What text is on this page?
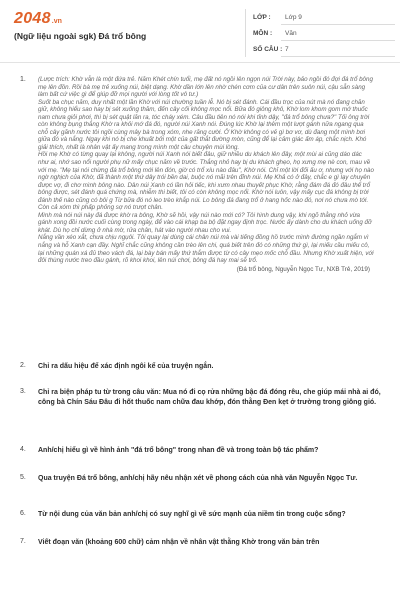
2048 .vn
(Ngữ liệu ngoài sgk) Đá trổ bông
LỚP : Lớp 9
MÔN : Văn
SỐ CÂU : 7
1. (Lược trích: Khờ vẫn là một đứa trẻ. Năm Khét chín tuổi, mẹ đất nó ngồi lên ngọn núi Trời này, bảo ngồi đó đợi đá trổ bông mẹ lên đồn. Rồi bà mẹ trẻ xuống núi, biệt dạng. Khờ dần lớn lên nhờ chén cơm của cư dân trên suôn núi, cậu sẵn sàng làm bất cứ việc gì để giúp đỡ mọi người với lòng tốt vô tư.)

Suốt ba chục năm, duy nhất một lần Khờ với núi chường tuần lễ. Nó bị sét đánh. Cái đầu trọc của nút mà nó đang chăn giữ, không hiểu sao hay bị sét xuống thăm, đến cây cối không mọc nổi. Bữa đó giông khô, Khờ lom khom gom mớ thuốc nam chưa giỏi phơi, thì bị sét quật lăn ra, tóc cháy xém. Câu đầu tiên nó nói khi tỉnh dậy, "đá trổ bông chưa?" Tối ông trời còn không bụng thắng Khờ ra khỏi mớ đá đó, người núi Xanh nói. Đúng lúc Khờ lại thêm một lượt gánh nữa ngang qua chỗ cây gãnh nước tôi ngồi cùng mây bà trong xóm, nhe răng cười. Ở Khờ không có vẻ gì bơ vơ, dù đang một mình bơi giữa đó và nắng. Ngay khi nó bị che khuất bởi một của gất thắt đường mòn, cũng để lại cảm giác ấm áp, chắc nịch. Khó giải thích, nhất là nhân vật ấy mang trong mình một câu chuyện mùi lòng.

Hồi mẹ Khờ có từng quay lại không, người núi Xanh nói biết đâu, giữ nhiều du khách lên đây, một mùi ai cũng dáo dác như ai, nhớ sao nổi người phụ nữ mấy chục năm về trước. Thắng nhỏ hay bị du khách ghẹo, họ xưng mẹ nè con, mau về với mẹ. "Mẹ tại nói chừng đá trổ bông mới lên đón, giờ có trổ xíu nào đâu", Khờ nói. Chỉ một lời đối ấu ơ, nhưng với họ nào ngờ nghịch của Khờ, đã thành một thứ dây trói bền dai, buộc nó mãi trên đỉnh núi. Mẹ Khả có ở đây, chắc e gì lạy chuyên được vợ, đi chơ mình bông nào. Dân núi Xanh có lần hỏi tiếc, khi xưm nhau thuyết phục Khờ, rằng đám đá đó đâu thể trổ bông được, sét đánh quá chứng mà, nhiễm thi biết, tôi có còn không mọc nổi. Khờ nói luôn, vậy mấy cục đá không bị trời đánh thế nào cũng có bôi g Từ bữa đó nó leo trèo khắp núi. Lo bông đá đang trổ ở hang hốc nào đó, nơi nó chưa mò tới. Còn cả xóm thì phấp phỏng sợ nó trượt chân.

Mình mà nói núi này đá được khờ ra bông, Khờ sẽ hồi, vậy núi nào mới có? Tôi hình dung vậy, khi ngõ thằng nhỏ vừa gánh xong đồi nước cuối cùng trong ngày, để vào cái khạp ba bộ đặt ngay định trọc. Nước ấy dành cho du khách uống đỡ khát. Dù họ chỉ dừng ở nhà mờ, rửa chân, hát vào người nhau cho vui.

Nắng vần xéo xắt, chưa chịu ngụôi. Tôi quay lại dùng cái chân núi mà vài tiếng đồng hồ trước mình đường ngần ngắm vì nắng và hỗ Xanh cạn đầy. Nghĩ chắc cũng không cần trèo lên chi, quá biết trên đó có những thứ gì, lại miếu cầu miếu cô, lại những quán xá đủ theo vách đá, lại bày bán mấy thứ thắm được từ có cây mẹo mốc chỗ đầu. Nhưng Khờ xuất hiện, với đôi thùng nước treo đầu gánh, rõ khoi khoi, lên núi chơi, bông đá hay mai sẽ trổ.

(Đá trổ bông, Nguyễn Ngọc Tư, NXB Trẻ, 2019)
2. Chỉ ra dấu hiệu để xác định ngôi kể của truyện ngắn.
3. Chỉ ra biện pháp tu từ trong câu văn: Mua nó đi cọ rửa những bậc đá đóng rêu, che giúp mái nhà ai đó, công bà Chín Sáu Đâu đi hốt thuốc nam chữa đau khớp, đón thằng Đen kẹt ở trường trong giông gió.
4. Anh/chị hiểu gì về hình ảnh "đá trổ bông" trong nhan đề và trong toàn bộ tác phẩm?
5. Qua truyện Đá trổ bông, anh/chị hãy nêu nhận xét về phong cách của nhà văn Nguyễn Ngọc Tư.
6. Từ nội dung của văn bản anh/chị có suy nghĩ gì về sức mạnh của niềm tin trong cuộc sống?
7. Viết đoạn văn (khoảng 600 chữ) cảm nhận về nhân vật thằng Khờ trong văn bản trên
